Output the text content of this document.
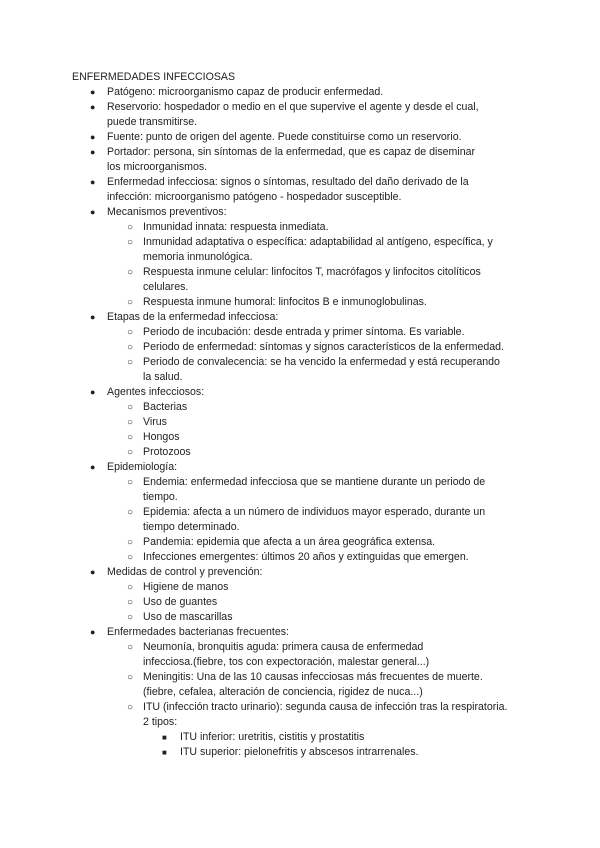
ENFERMEDADES INFECCIOSAS
● Patógeno: microorganismo capaz de producir enfermedad.
● Reservorio: hospedador o medio en el que supervive el agente y desde el cual,
puede transmitirse.
● Fuente: punto de origen del agente. Puede constituirse como un reservorio.
● Portador: persona, sin síntomas de la enfermedad, que es capaz de diseminar
los microorganismos.
● Enfermedad infecciosa: signos o síntomas, resultado del daño derivado de la
infección: microorganismo patógeno - hospedador susceptible.
● Mecanismos preventivos:
○ Inmunidad innata: respuesta inmediata.
○ Inmunidad adaptativa o específica: adaptabilidad al antígeno, específica, y
memoria inmunológica.
○ Respuesta inmune celular: linfocitos T, macrófagos y linfocitos citolíticos
celulares.
○ Respuesta inmune humoral: linfocitos B e inmunoglobulinas.
● Etapas de la enfermedad infecciosa:
○ Periodo de incubación: desde entrada y primer síntoma. Es variable.
○ Periodo de enfermedad: síntomas y signos característicos de la enfermedad.
○ Periodo de convalecencia: se ha vencido la enfermedad y está recuperando
la salud.
● Agentes infecciosos:
○ Bacterias
○ Virus
○ Hongos
○ Protozoos
● Epidemiología:
○ Endemia: enfermedad infecciosa que se mantiene durante un periodo de
tiempo.
○ Epidemia: afecta a un número de individuos mayor esperado, durante un
tiempo determinado.
○ Pandemia: epidemia que afecta a un área geográfica extensa.
○ Infecciones emergentes: últimos 20 años y extinguidas que emergen.
● Medidas de control y prevención:
○ Higiene de manos
○ Uso de guantes
○ Uso de mascarillas
● Enfermedades bacterianas frecuentes:
○ Neumonía, bronquitis aguda: primera causa de enfermedad
infecciosa.(fiebre, tos con expectoración, malestar general...)
○ Meningitis: Una de las 10 causas infecciosas más frecuentes de muerte.
(fiebre, cefalea, alteración de conciencia, rigidez de nuca...)
○ ITU (infección tracto urinario): segunda causa de infección tras la respiratoria.
2 tipos:
■ ITU inferior: uretritis, cistitis y prostatitis
■ ITU superior: pielonefritis y abscesos intrarrenales.
